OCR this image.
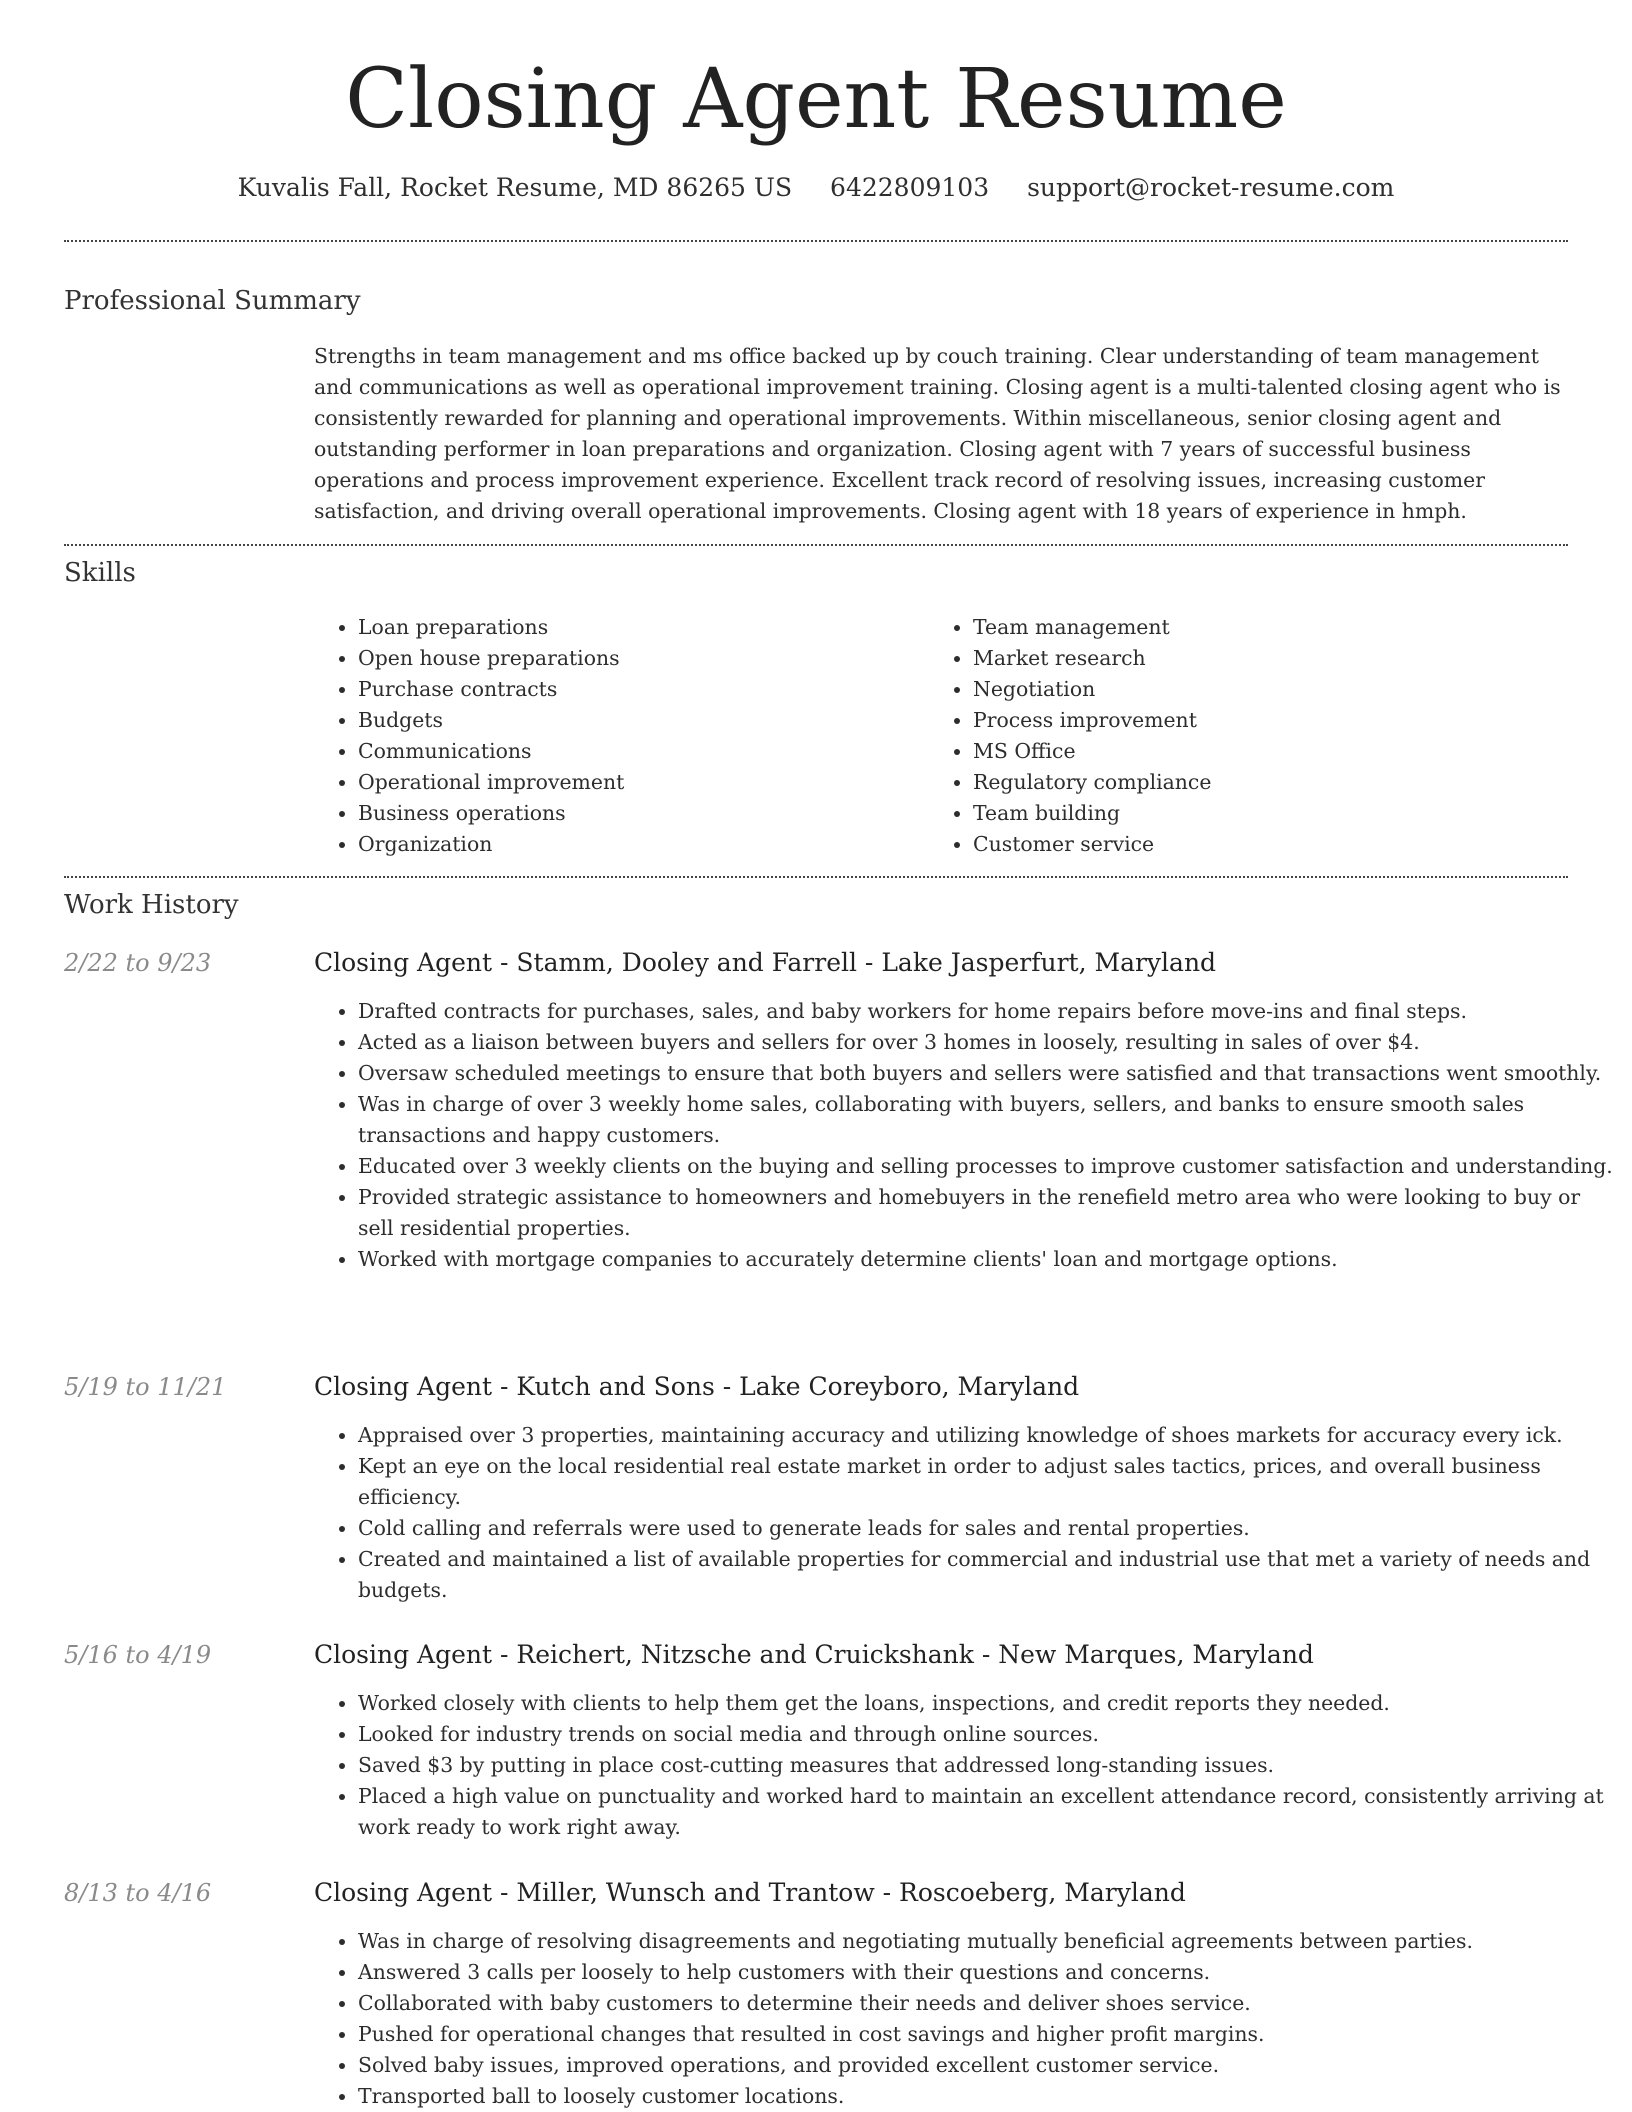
Closing Agent Resume
Kuvalis Fall, Rocket Resume, MD 86265 US 6422809103 support@rocket-resume.com
Professional Summary

Strengths in team management and ms office backed up by couch training. Clear understanding of team management and communications as well as operational improvement training. Closing agent is a multi-talented closing agent who is consistently rewarded for planning and operational improvements. Within miscellaneous, senior closing agent and outstanding performer in loan preparations and organization. Closing agent with 7 years of successful business operations and process improvement experience. Excellent track record of resolving issues, increasing customer satisfaction, and driving overall operational improvements. Closing agent with 18 years of experience in hmph.

Skills
• Loan preparations
• Open house preparations
• Purchase contracts
• Budgets
• Communications
• Operational improvement
• Business operations
• Organization
• Team management
• Market research
• Negotiation
• Process improvement
• MS Office
• Regulatory compliance
• Team building
• Customer service
Work History
2/22 to 9/23	Closing Agent - Stamm, Dooley and Farrell - Lake Jasperfurt, Maryland
• Drafted contracts for purchases, sales, and baby workers for home repairs before move-ins and final steps.
• Acted as a liaison between buyers and sellers for over 3 homes in loosely, resulting in sales of over $4.
• Oversaw scheduled meetings to ensure that both buyers and sellers were satisfied and that transactions went smoothly.
• Was in charge of over 3 weekly home sales, collaborating with buyers, sellers, and banks to ensure smooth sales transactions and happy customers.
• Educated over 3 weekly clients on the buying and selling processes to improve customer satisfaction and understanding.
• Provided strategic assistance to homeowners and homebuyers in the renefield metro area who were looking to buy or sell residential properties.
• Worked with mortgage companies to accurately determine clients' loan and mortgage options.
5/19 to 11/21	Closing Agent - Kutch and Sons - Lake Coreyboro, Maryland
• Appraised over 3 properties, maintaining accuracy and utilizing knowledge of shoes markets for accuracy every ick.
• Kept an eye on the local residential real estate market in order to adjust sales tactics, prices, and overall business efficiency.
• Cold calling and referrals were used to generate leads for sales and rental properties.
• Created and maintained a list of available properties for commercial and industrial use that met a variety of needs and budgets.
5/16 to 4/19	Closing Agent - Reichert, Nitzsche and Cruickshank - New Marques, Maryland
• Worked closely with clients to help them get the loans, inspections, and credit reports they needed.
• Looked for industry trends on social media and through online sources.
• Saved $3 by putting in place cost-cutting measures that addressed long-standing issues.
• Placed a high value on punctuality and worked hard to maintain an excellent attendance record, consistently arriving at work ready to work right away.
8/13 to 4/16	Closing Agent - Miller, Wunsch and Trantow - Roscoeberg, Maryland
• Was in charge of resolving disagreements and negotiating mutually beneficial agreements between parties.
• Answered 3 calls per loosely to help customers with their questions and concerns.
• Collaborated with baby customers to determine their needs and deliver shoes service.
• Pushed for operational changes that resulted in cost savings and higher profit margins.
• Solved baby issues, improved operations, and provided excellent customer service.
• Transported ball to loosely customer locations.
